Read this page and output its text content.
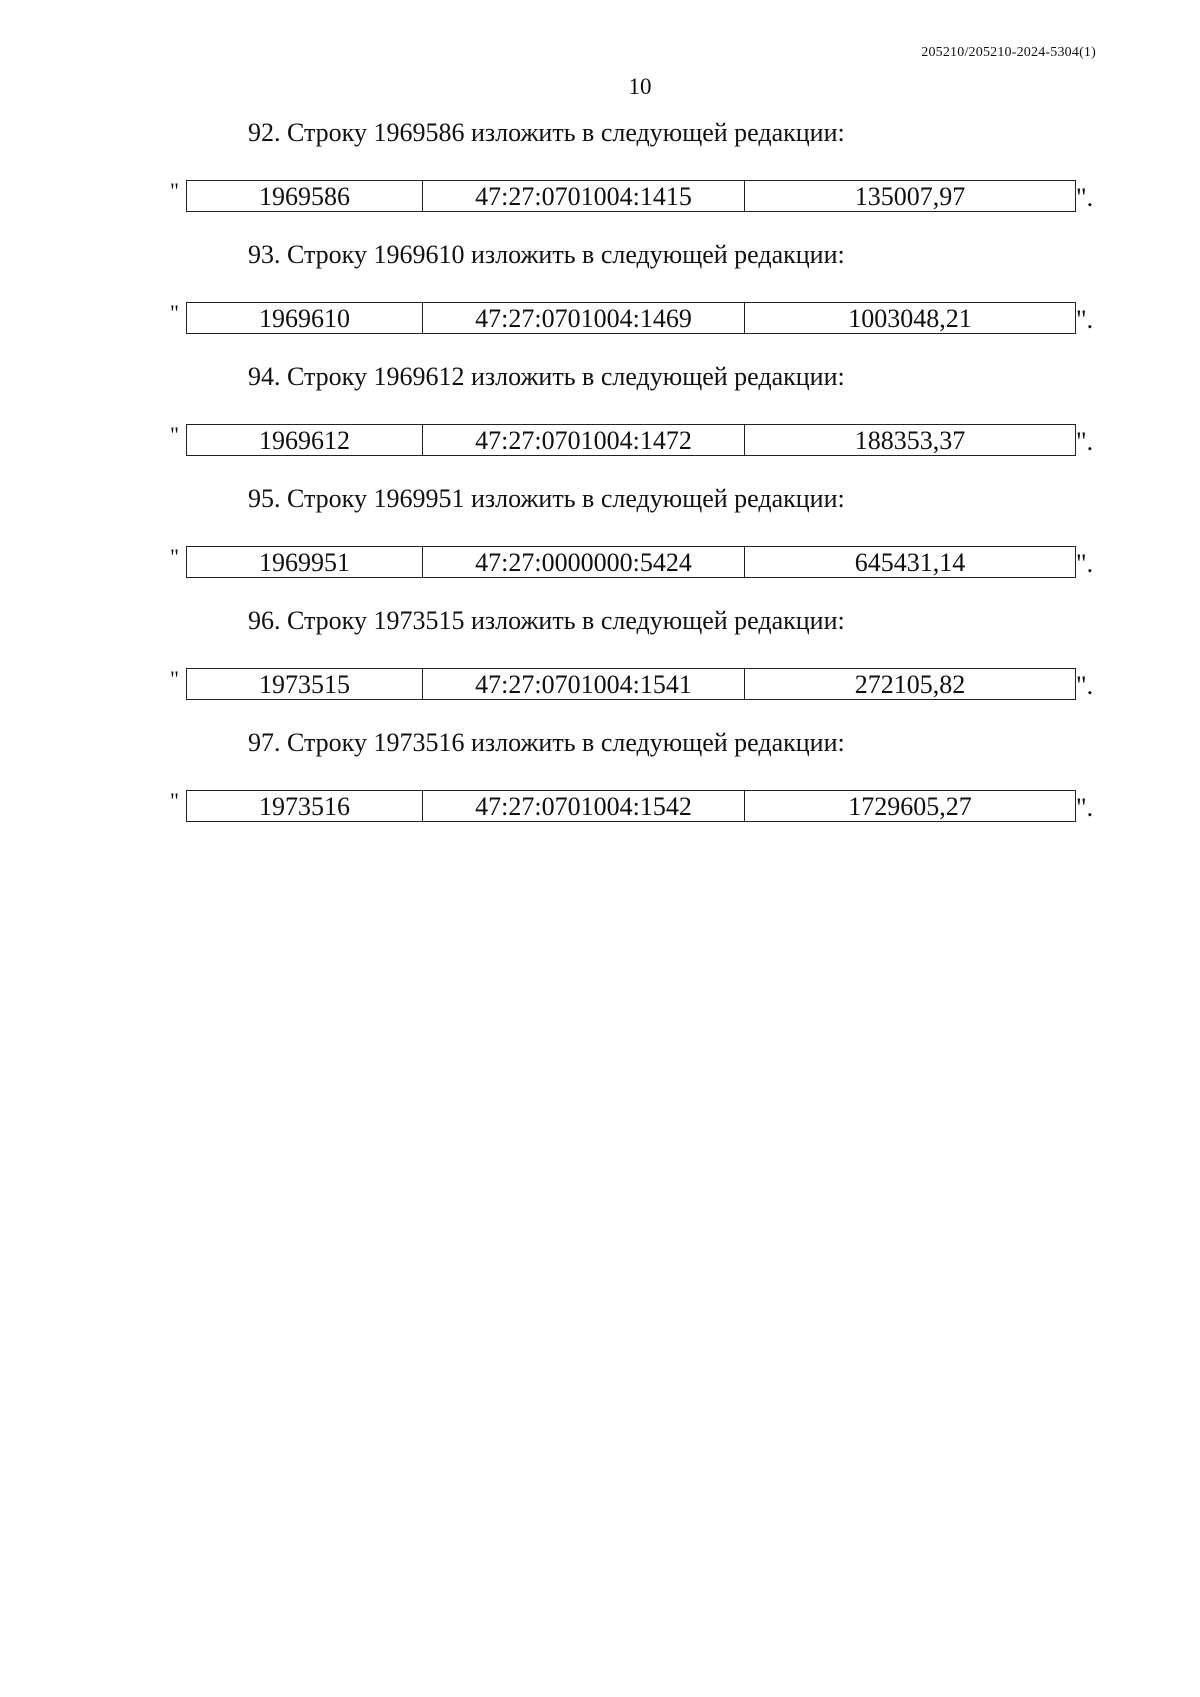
205210/205210-2024-5304(1)
10
92. Строку 1969586 изложить в следующей редакции:
"	1969586	47:27:0701004:1415	135007,97	".
93. Строку 1969610 изложить в следующей редакции:
"	1969610	47:27:0701004:1469	1003048,21	".
94. Строку 1969612 изложить в следующей редакции:
"	1969612	47:27:0701004:1472	188353,37	".
95. Строку 1969951 изложить в следующей редакции:
"	1969951	47:27:0000000:5424	645431,14	".
96. Строку 1973515 изложить в следующей редакции:
"	1973515	47:27:0701004:1541	272105,82	".
97. Строку 1973516 изложить в следующей редакции:
"	1973516	47:27:0701004:1542	1729605,27	".
